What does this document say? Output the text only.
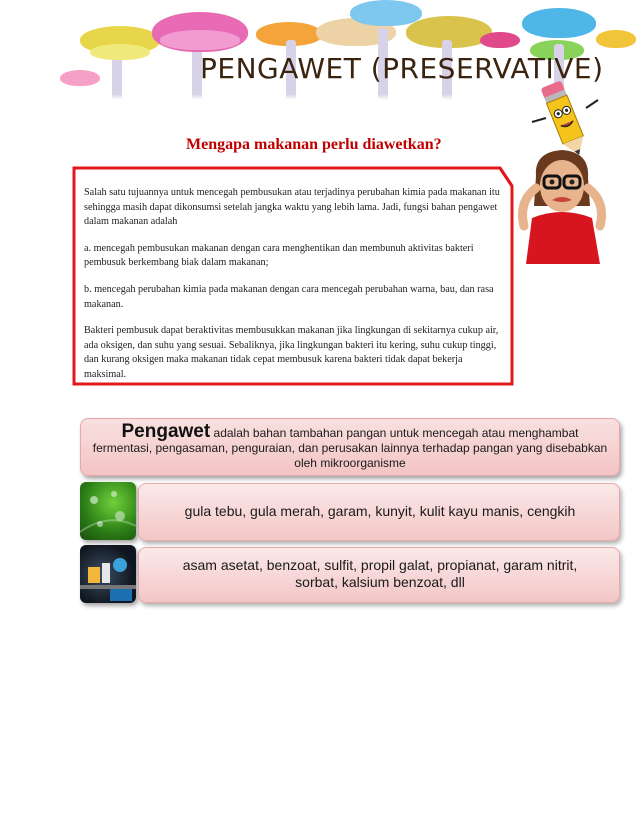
PENGAWET (PRESERVATIVE)
Mengapa makanan perlu diawetkan?

Salah satu tujuannya untuk mencegah pembusukan atau terjadinya perubahan kimia pada makanan itu sehingga masih dapat dikonsumsi setelah jangka waktu yang lebih lama. Jadi, fungsi bahan pengawet dalam makanan adalah

a. mencegah pembusukan makanan dengan cara menghentikan dan membunuh aktivitas bakteri pembusuk berkembang biak dalam makanan;

b. mencegah perubahan kimia pada makanan dengan cara mencegah perubahan warna, bau, dan rasa makanan.

Bakteri pembusuk dapat beraktivitas membusukkan makanan jika lingkungan di sekitarnya cukup air, ada oksigen, dan suhu yang sesuai. Sebaliknya, jika lingkungan bakteri itu kering, suhu cukup tinggi, dan kurang oksigen maka makanan tidak cepat membusuk karena bakteri tidak dapat bekerja maksimal.

Pengawet adalah bahan tambahan pangan untuk mencegah atau menghambat fermentasi, pengasaman, penguraian, dan perusakan lainnya terhadap pangan yang disebabkan oleh mikroorganisme
gula tebu, gula merah, garam, kunyit, kulit kayu manis, cengkih
asam asetat, benzoat, sulfit, propil galat, propianat, garam nitrit, sorbat, kalsium benzoat, dll
